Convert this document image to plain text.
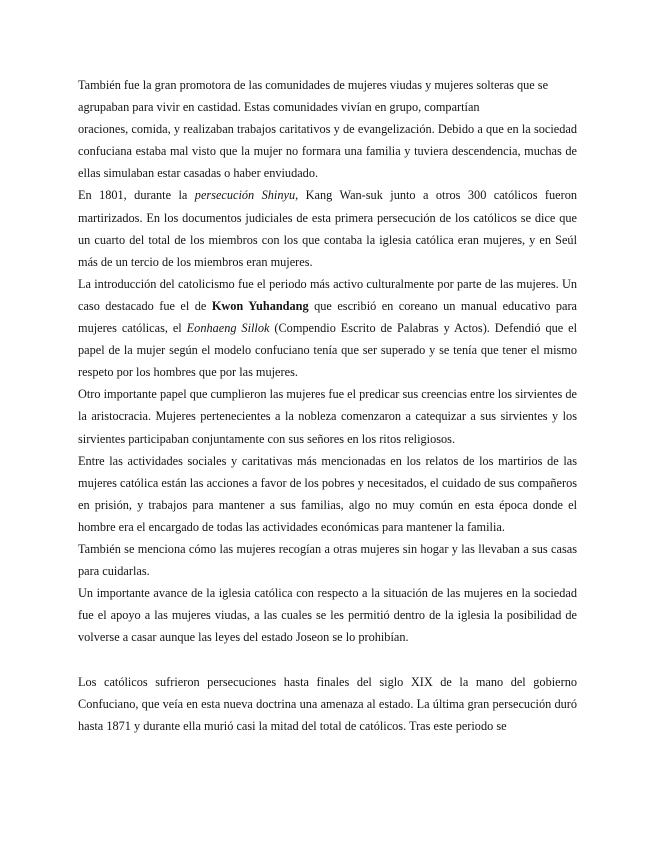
También fue la gran promotora de las comunidades de mujeres viudas y mujeres solteras que se agrupaban para vivir en castidad. Estas comunidades vivían en grupo, compartían

oraciones, comida, y realizaban trabajos caritativos y de evangelización. Debido a que en la sociedad confuciana estaba mal visto que la mujer no formara una familia y tuviera descendencia, muchas de ellas simulaban estar casadas o haber enviudado.

En 1801, durante la persecución Shinyu, Kang Wan-suk junto a otros 300 católicos fueron martirizados. En los documentos judiciales de esta primera persecución de los católicos se dice que un cuarto del total de los miembros con los que contaba la iglesia católica eran mujeres, y en Seúl más de un tercio de los miembros eran mujeres.

La introducción del catolicismo fue el periodo más activo culturalmente por parte de las mujeres. Un caso destacado fue el de Kwon Yuhandang que escribió en coreano un manual educativo para mujeres católicas, el Eonhaeng Sillok (Compendio Escrito de Palabras y Actos). Defendió que el papel de la mujer según el modelo confuciano tenía que ser superado y se tenía que tener el mismo respeto por los hombres que por las mujeres.

Otro importante papel que cumplieron las mujeres fue el predicar sus creencias entre los sirvientes de la aristocracia. Mujeres pertenecientes a la nobleza comenzaron a catequizar a sus sirvientes y los sirvientes participaban conjuntamente con sus señores en los ritos religiosos.

Entre las actividades sociales y caritativas más mencionadas en los relatos de los martirios de las mujeres católica están las acciones a favor de los pobres y necesitados, el cuidado de sus compañeros en prisión, y trabajos para mantener a sus familias, algo no muy común en esta época donde el hombre era el encargado de todas las actividades económicas para mantener la familia.

También se menciona cómo las mujeres recogían a otras mujeres sin hogar y las llevaban a sus casas para cuidarlas.

Un importante avance de la iglesia católica con respecto a la situación de las mujeres en la sociedad fue el apoyo a las mujeres viudas, a las cuales se les permitió dentro de la iglesia la posibilidad de volverse a casar aunque las leyes del estado Joseon se lo prohibían.

Los católicos sufrieron persecuciones hasta finales del siglo XIX de la mano del gobierno Confuciano, que veía en esta nueva doctrina una amenaza al estado. La última gran persecución duró hasta 1871 y durante ella murió casi la mitad del total de católicos. Tras este periodo se
